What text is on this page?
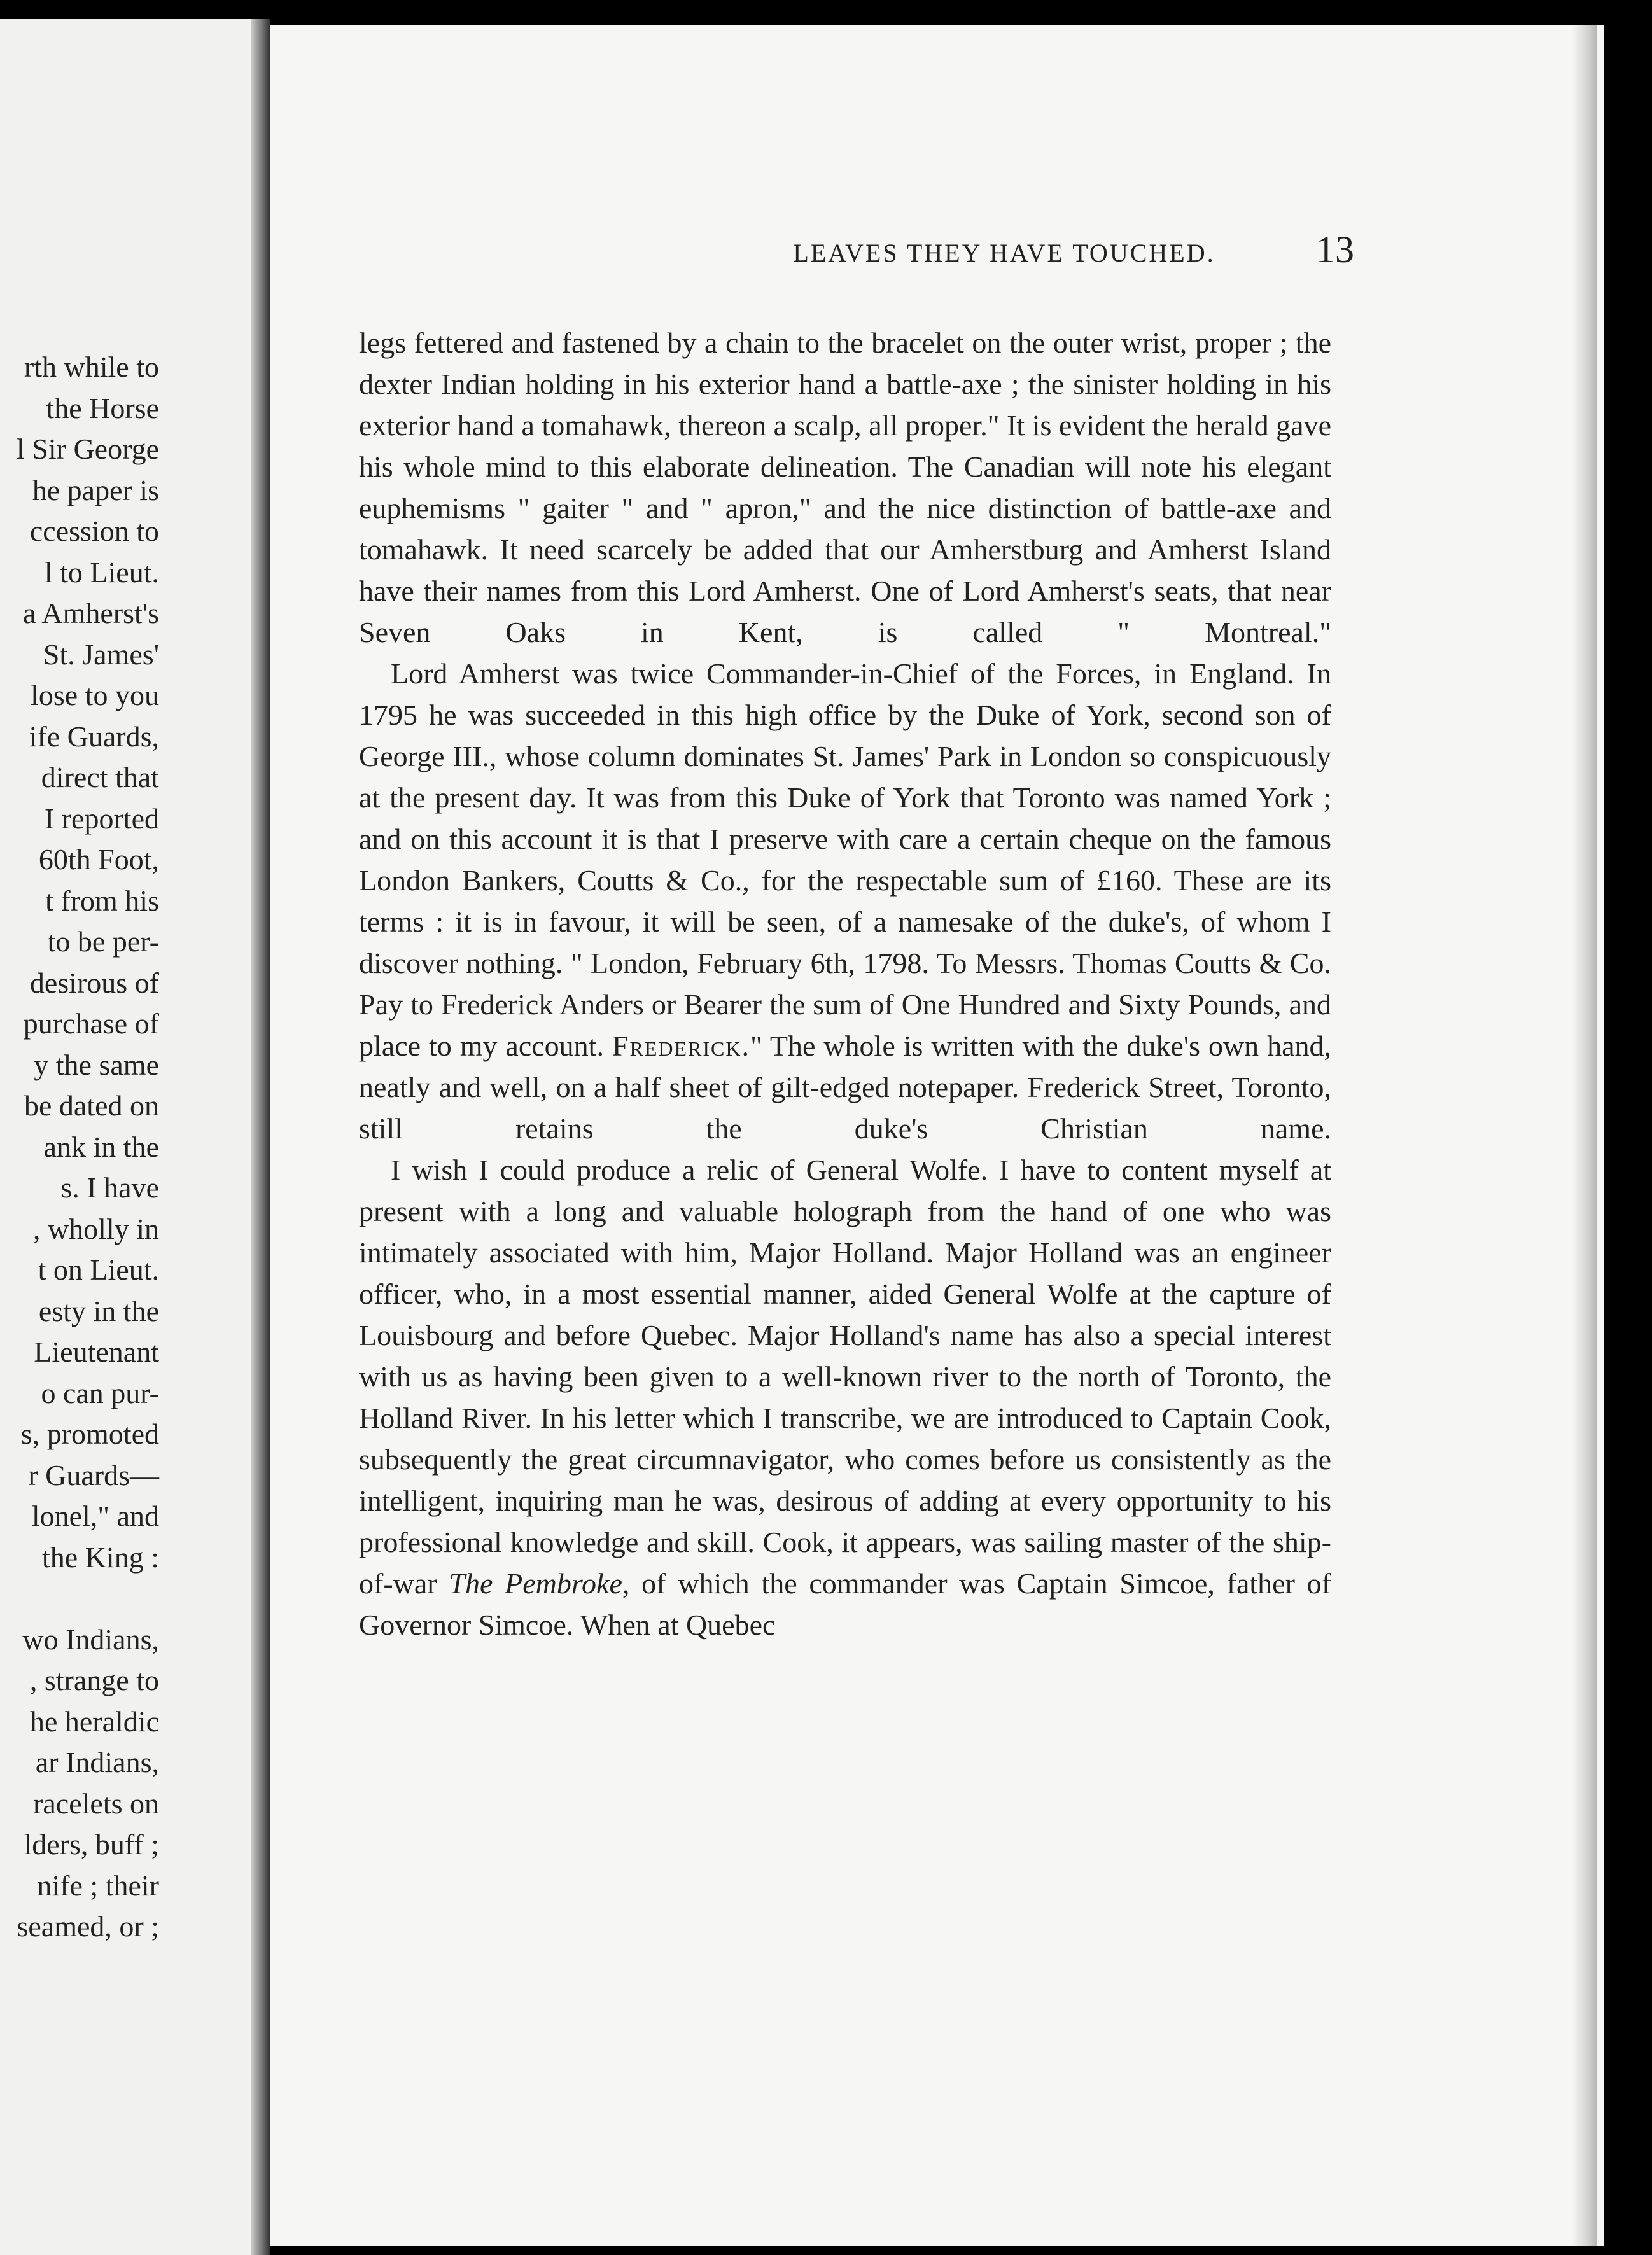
rth while to
the Horse
l Sir George
he paper is
ccession to
l to Lieut.
a Amherst's
St. James'
lose to you
ife Guards,
direct that
I reported
60th Foot,
t from his
to be per-
desirous of
purchase of
y the same
be dated on
ank in the
s. I have
, wholly in
t on Lieut.
esty in the
Lieutenant
o can pur-
s, promoted
r Guards—
lonel," and
the King :
wo Indians,
, strange to
he heraldic
ar Indians,
racelets on
lders, buff ;
nife ; their
seamed, or ;
LEAVES THEY HAVE TOUCHED.	13

legs fettered and fastened by a chain to the bracelet on the outer wrist, proper ; the dexter Indian holding in his exterior hand a battle-axe ; the sinister holding in his exterior hand a tomahawk, thereon a scalp, all proper." It is evident the herald gave his whole mind to this elaborate delineation. The Canadian will note his elegant euphemisms " gaiter " and " apron," and the nice distinction of battle-axe and tomahawk. It need scarcely be added that our Amherstburg and Amherst Island have their names from this Lord Amherst. One of Lord Amherst's seats, that near Seven Oaks in Kent, is called " Montreal."

Lord Amherst was twice Commander-in-Chief of the Forces, in England. In 1795 he was succeeded in this high office by the Duke of York, second son of George III., whose column dominates St. James' Park in London so conspicuously at the present day. It was from this Duke of York that Toronto was named York ; and on this account it is that I preserve with care a certain cheque on the famous London Bankers, Coutts & Co., for the respectable sum of £160. These are its terms : it is in favour, it will be seen, of a namesake of the duke's, of whom I discover nothing. " London, February 6th, 1798. To Messrs. Thomas Coutts & Co. Pay to Frederick Anders or Bearer the sum of One Hundred and Sixty Pounds, and place to my account. Frederick." The whole is written with the duke's own hand, neatly and well, on a half sheet of gilt-edged notepaper. Frederick Street, Toronto, still retains the duke's Christian name.

I wish I could produce a relic of General Wolfe. I have to content myself at present with a long and valuable holograph from the hand of one who was intimately associated with him, Major Holland. Major Holland was an engineer officer, who, in a most essential manner, aided General Wolfe at the capture of Louisbourg and before Quebec. Major Holland's name has also a special interest with us as having been given to a well-known river to the north of Toronto, the Holland River. In his letter which I transcribe, we are introduced to Captain Cook, subsequently the great circumnavigator, who comes before us consistently as the intelligent, inquiring man he was, desirous of adding at every opportunity to his professional knowledge and skill. Cook, it appears, was sailing master of the ship-of-war The Pembroke, of which the commander was Captain Simcoe, father of Governor Simcoe. When at Quebec
